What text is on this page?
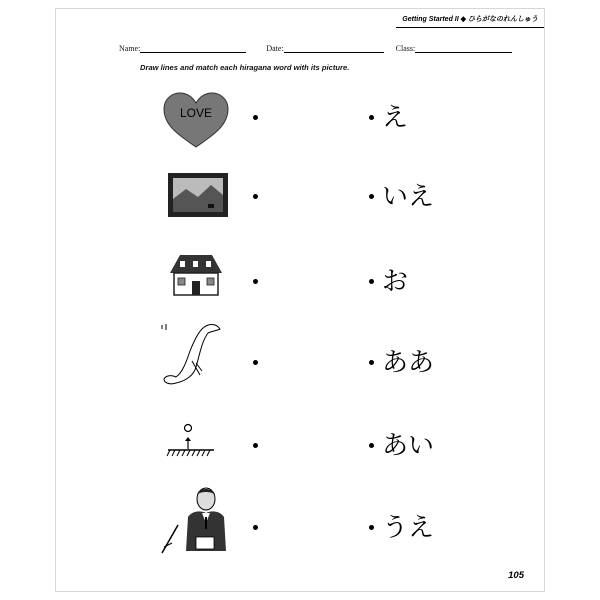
Getting Started II ◆ ひらがなのれんしゅう
Name:	Date:	Class:
Draw lines and match each hiragana word with its picture.
LOVE	え
いえ
お
ああ
あい
うえ
105
